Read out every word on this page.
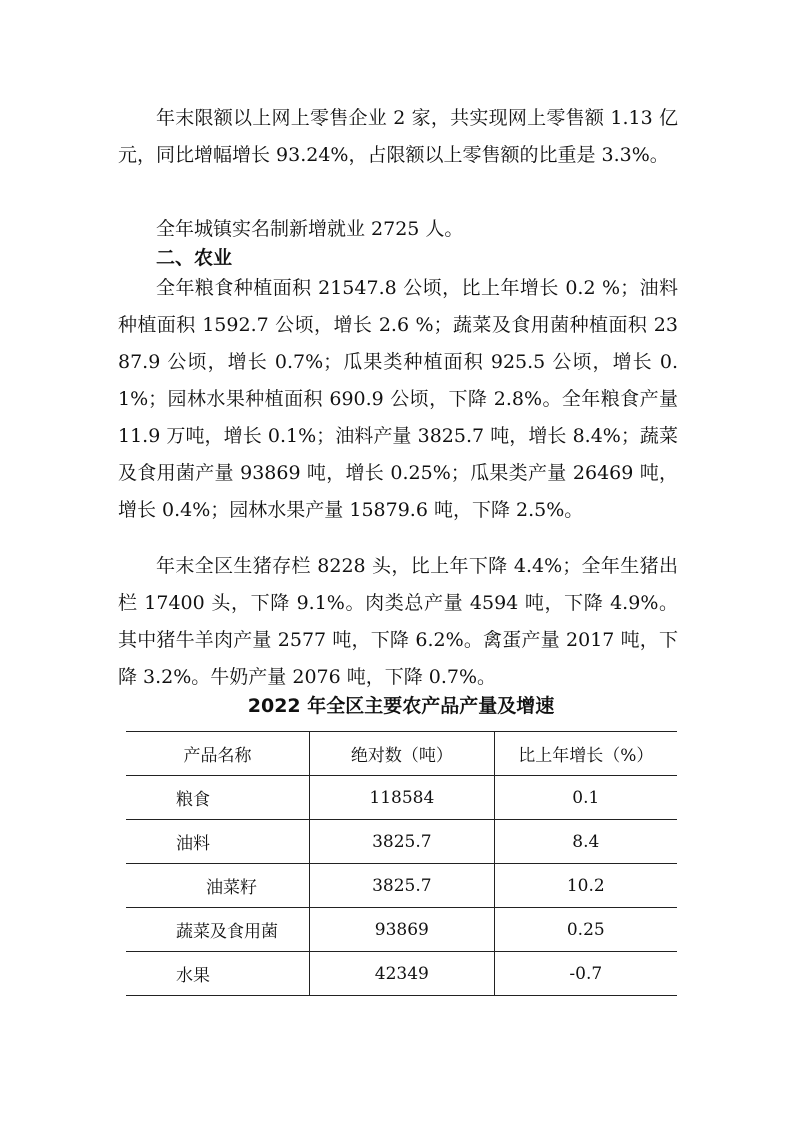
年末限额以上网上零售企业 2 家，共实现网上零售额 1.13 亿元，同比增幅增长 93.24%，占限额以上零售额的比重是 3.3%。

全年城镇实名制新增就业 2725 人。

二、农业

全年粮食种植面积 21547.8 公顷，比上年增长 0.2 %；油料种植面积 1592.7 公顷，增长 2.6 %；蔬菜及食用菌种植面积 2387.9 公顷，增长 0.7%；瓜果类种植面积 925.5 公顷，增长 0.1%；园林水果种植面积 690.9 公顷，下降 2.8%。全年粮食产量 11.9 万吨，增长 0.1%；油料产量 3825.7 吨，增长 8.4%；蔬菜及食用菌产量 93869 吨，增长 0.25%；瓜果类产量 26469 吨，增长 0.4%；园林水果产量 15879.6 吨，下降 2.5%。

年末全区生猪存栏 8228 头，比上年下降 4.4%；全年生猪出栏 17400 头，下降 9.1%。肉类总产量 4594 吨，下降 4.9%。其中猪牛羊肉产量 2577 吨，下降 6.2%。禽蛋产量 2017 吨，下降 3.2%。牛奶产量 2076 吨，下降 0.7%。

2022 年全区主要农产品产量及增速

产品名称	绝对数（吨）	比上年增长（%）
粮食	118584	0.1
油料	3825.7	8.4
油菜籽	3825.7	10.2
蔬菜及食用菌	93869	0.25
水果	42349	-0.7
